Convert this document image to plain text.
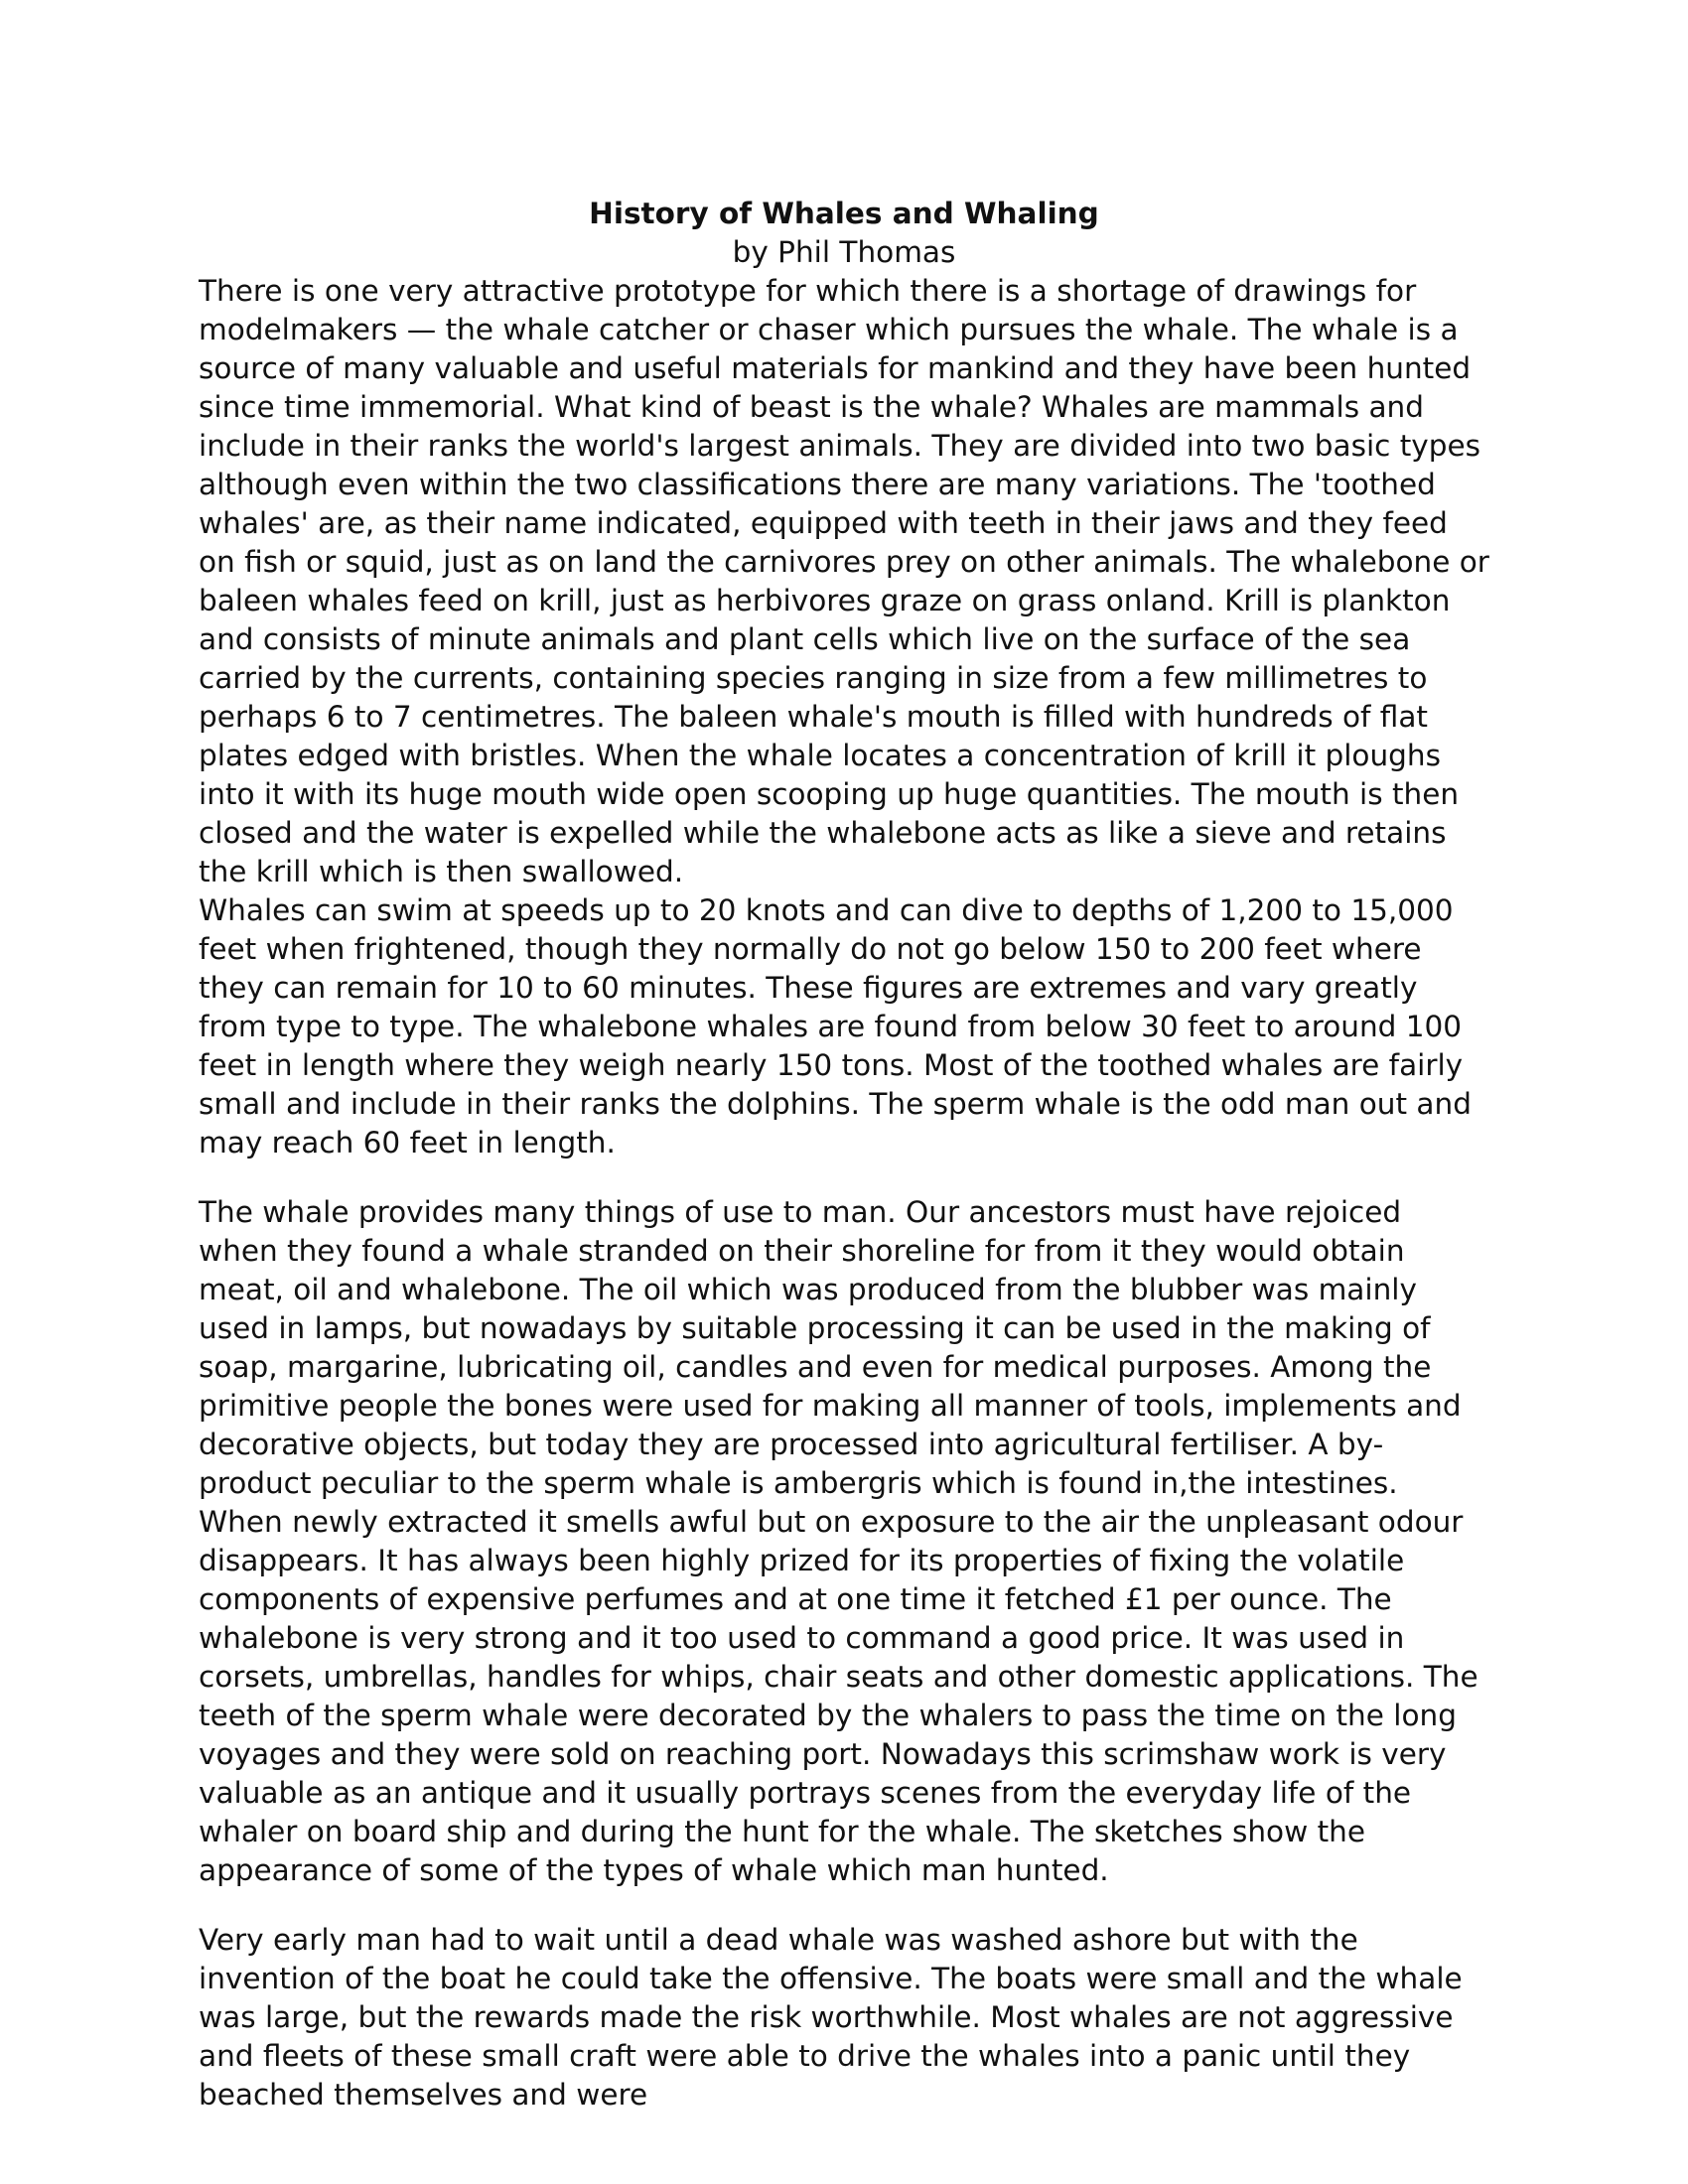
History of Whales and Whaling

by Phil Thomas

There is one very attractive prototype for which there is a shortage of drawings for modelmakers — the whale catcher or chaser which pursues the whale. The whale is a source of many valuable and useful materials for mankind and they have been hunted since time immemorial. What kind of beast is the whale? Whales are mammals and include in their ranks the world's largest animals. They are divided into two basic types although even within the two classifications there are many variations. The 'toothed whales' are, as their name indicated, equipped with teeth in their jaws and they feed on fish or squid, just as on land the carnivores prey on other animals. The whalebone or baleen whales feed on krill, just as herbivores graze on grass onland. Krill is plankton and consists of minute animals and plant cells which live on the surface of the sea carried by the currents, containing species ranging in size from a few millimetres to perhaps 6 to 7 centimetres. The baleen whale's mouth is filled with hundreds of flat plates edged with bristles. When the whale locates a concentration of krill it ploughs into it with its huge mouth wide open scooping up huge quantities. The mouth is then closed and the water is expelled while the whalebone acts as like a sieve and retains the krill which is then swallowed.

Whales can swim at speeds up to 20 knots and can dive to depths of 1,200 to 15,000 feet when frightened, though they normally do not go below 150 to 200 feet where they can remain for 10 to 60 minutes. These figures are extremes and vary greatly from type to type. The whalebone whales are found from below 30 feet to around 100 feet in length where they weigh nearly 150 tons. Most of the toothed whales are fairly small and include in their ranks the dolphins. The sperm whale is the odd man out and may reach 60 feet in length.

The whale provides many things of use to man. Our ancestors must have rejoiced when they found a whale stranded on their shoreline for from it they would obtain meat, oil and whalebone. The oil which was produced from the blubber was mainly used in lamps, but nowadays by suitable processing it can be used in the making of soap, margarine, lubricating oil, candles and even for medical purposes. Among the primitive people the bones were used for making all manner of tools, implements and decorative objects, but today they are processed into agricultural fertiliser. A by-product peculiar to the sperm whale is ambergris which is found in,the intestines. When newly extracted it smells awful but on exposure to the air the unpleasant odour disappears. It has always been highly prized for its properties of fixing the volatile components of expensive perfumes and at one time it fetched £1 per ounce. The whalebone is very strong and it too used to command a good price. It was used in corsets, umbrellas, handles for whips, chair seats and other domestic applications. The teeth of the sperm whale were decorated by the whalers to pass the time on the long voyages and they were sold on reaching port. Nowadays this scrimshaw work is very valuable as an antique and it usually portrays scenes from the everyday life of the whaler on board ship and during the hunt for the whale. The sketches show the appearance of some of the types of whale which man hunted.

Very early man had to wait until a dead whale was washed ashore but with the invention of the boat he could take the offensive. The boats were small and the whale was large, but the rewards made the risk worthwhile. Most whales are not aggressive and fleets of these small craft were able to drive the whales into a panic until they beached themselves and were
